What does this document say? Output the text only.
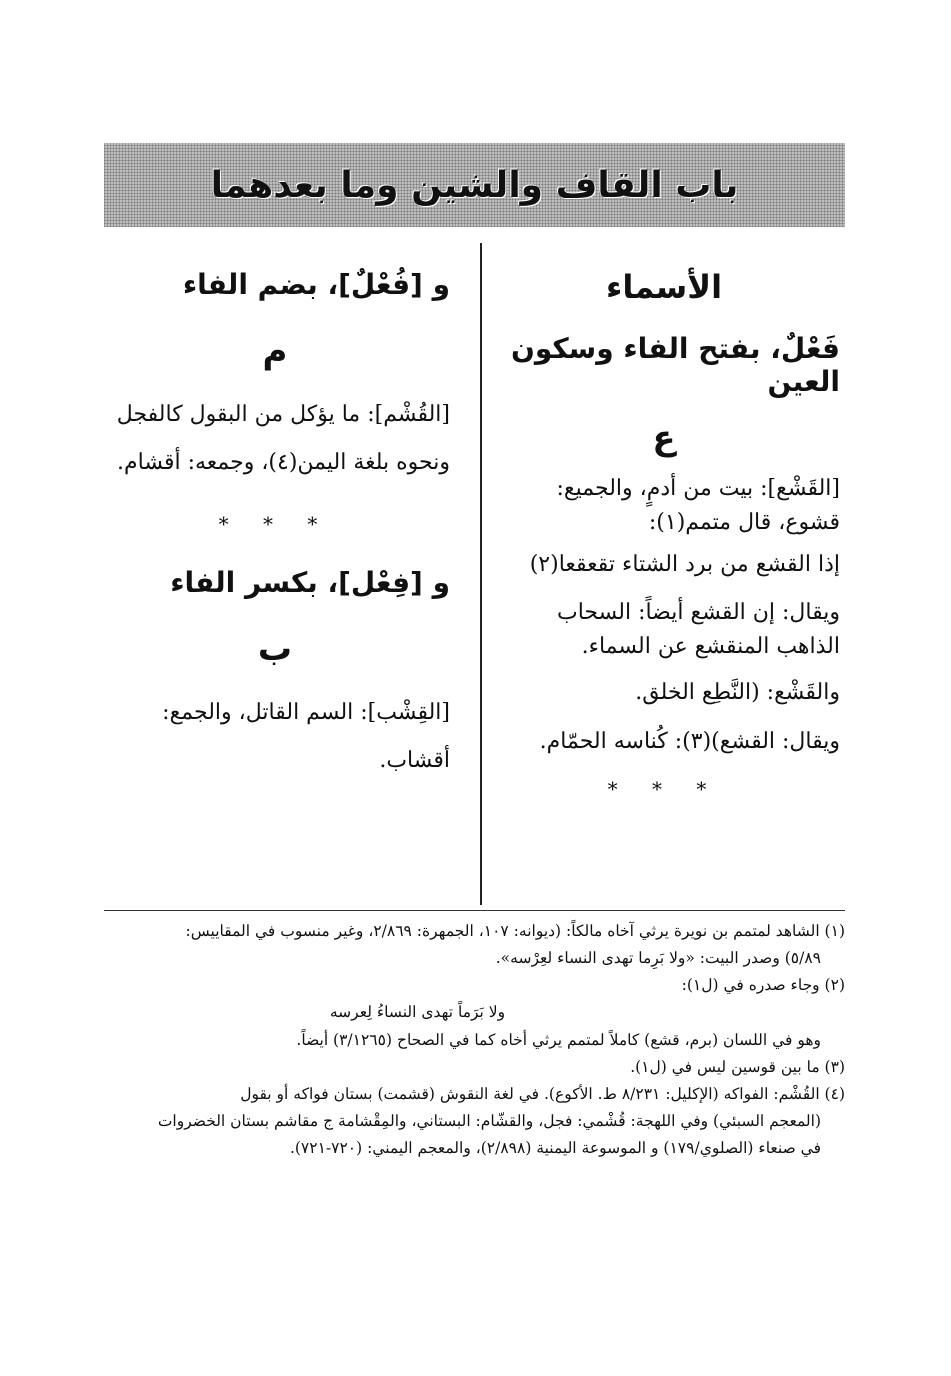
باب القاف والشين وما بعدهما

الأسماء

فَعْلٌ، بفتح الفاء وسكون العين

ع

[القَشْع]: بيت من أدمٍ، والجميع: قشوع، قال متمم(١):

إذا القشع من برد الشتاء تقعقعا(٢)

ويقال: إن القشع أيضاً: السحاب الذاهب المنقشع عن السماء.

والقَشْع: (النَّطِع الخلق.

ويقال: القشع)(٣): كُناسه الحمّام.

* * *

و [فُعْلٌ]، بضم الفاء

م

[القُشْم]: ما يؤكل من البقول كالفجل ونحوه بلغة اليمن(٤)، وجمعه: أقشام.

* * *

و [فِعْل]، بكسر الفاء

ب

[القِشْب]: السم القاتل، والجمع: أقشاب.

(١) الشاهد لمتمم بن نويرة يرثي آخاه مالكاً: (ديوانه: ١٠٧، الجمهرة: ٢/٨٦٩، وغير منسوب في المقاييس:

٥/٨٩) وصدر البيت: «ولا بَرِما تهدى النساء لعِرْسه».

(٢) وجاء صدره في (ل١):

ولا بَرَماً تهدى النساءُ لِعرسه

وهو في اللسان (برم، قشع) كاملاً لمتمم يرثي أخاه كما في الصحاح (٣/١٢٦٥) أيضاً.

(٣) ما بين قوسين ليس في (ل١).

(٤) القُشْم: الفواكه (الإكليل: ٨/٢٣١ ط. الأكوع). في لغة النقوش (قشمت) بستان فواكه أو بقول

(المعجم السبئي) وفي اللهجة: قُشْمي: فجل، والقشّام: البستاني، والمِقْشامة ج مقاشم بستان الخضروات

في صنعاء (الصلوي/١٧٩) و الموسوعة اليمنية (٢/٨٩٨)، والمعجم اليمني: (٧٢٠-٧٢١).
